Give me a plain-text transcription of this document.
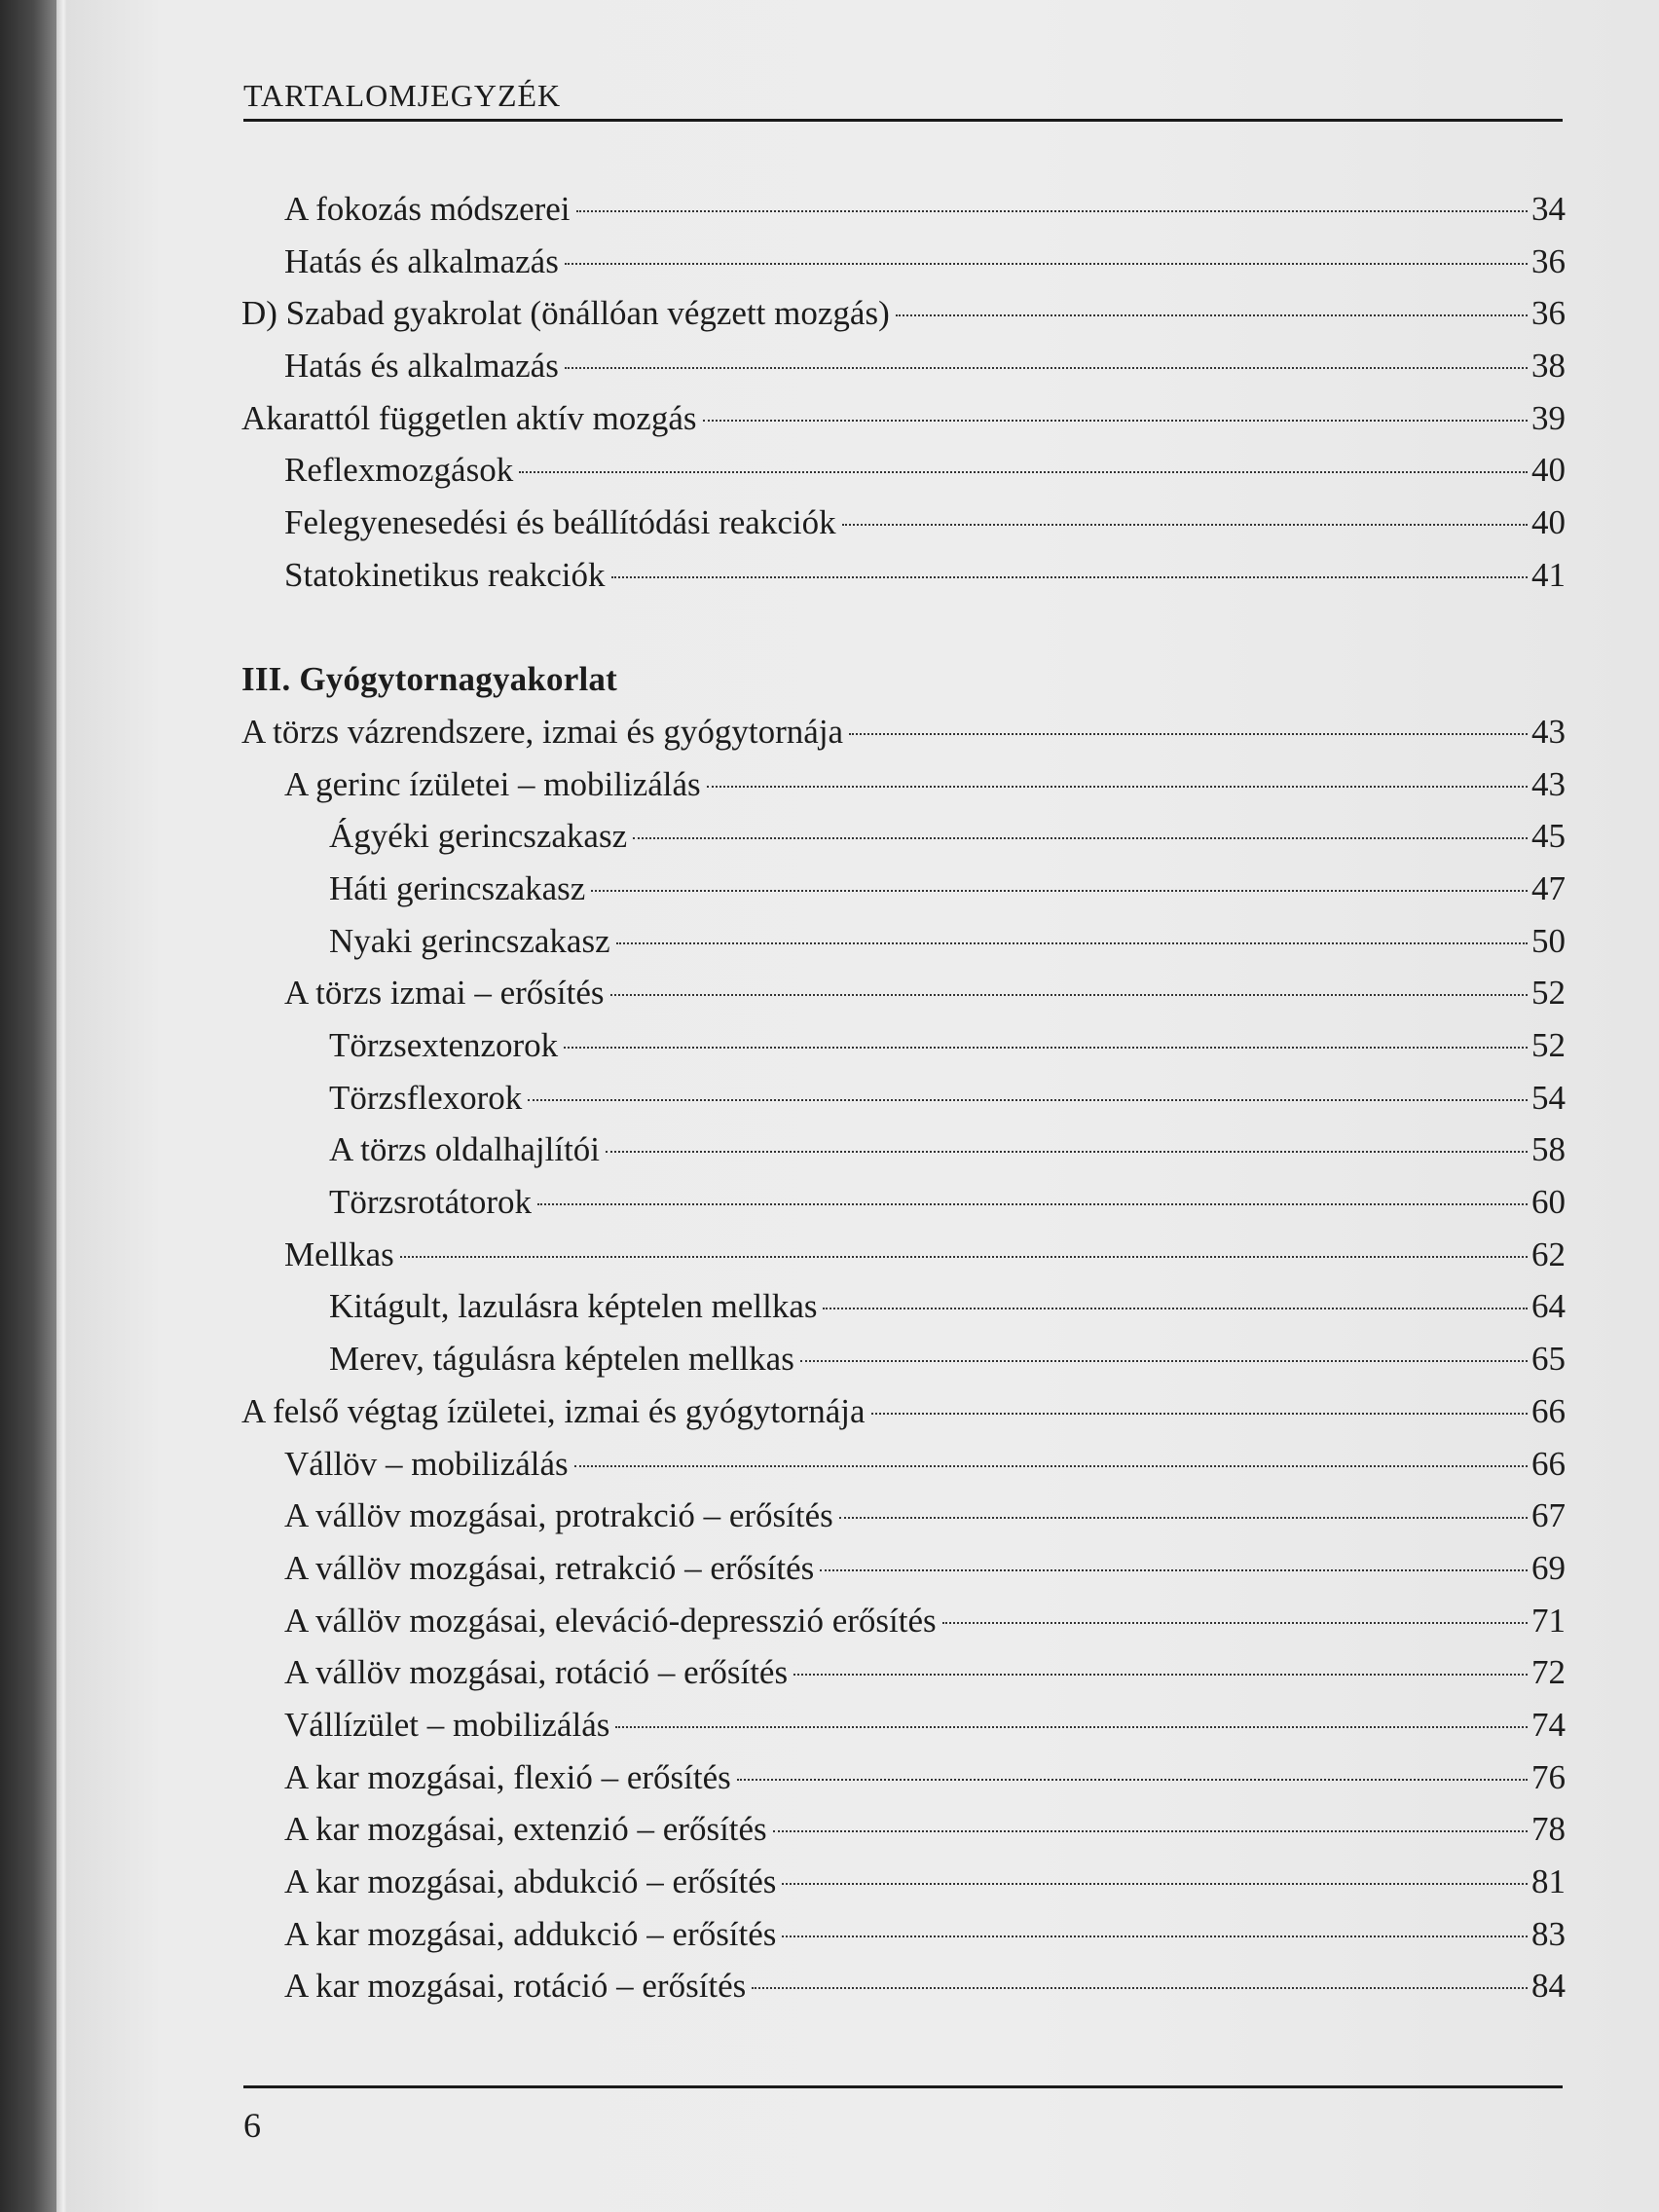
TARTALOMJEGYZÉK
A fokozás módszerei	34
Hatás és alkalmazás	36
D) Szabad gyakrolat (önállóan végzett mozgás)	36
Hatás és alkalmazás	38
Akarattól független aktív mozgás	39
Reflexmozgások	40
Felegyenesedési és beállítódási reakciók	40
Statokinetikus reakciók	41
III. Gyógytornagyakorlat
A törzs vázrendszere, izmai és gyógytornája	43
A gerinc ízületei – mobilizálás	43
Ágyéki gerincszakasz	45
Háti gerincszakasz	47
Nyaki gerincszakasz	50
A törzs izmai – erősítés	52
Törzsextenzorok	52
Törzsflexorok	54
A törzs oldalhajlítói	58
Törzsrotátorok	60
Mellkas	62
Kitágult, lazulásra képtelen mellkas	64
Merev, tágulásra képtelen mellkas	65
A felső végtag ízületei, izmai és gyógytornája	66
Vállöv – mobilizálás	66
A vállöv mozgásai, protrakció – erősítés	67
A vállöv mozgásai, retrakció – erősítés	69
A vállöv mozgásai, eleváció-depresszió erősítés	71
A vállöv mozgásai, rotáció – erősítés	72
Vállízület – mobilizálás	74
A kar mozgásai, flexió – erősítés	76
A kar mozgásai, extenzió – erősítés	78
A kar mozgásai, abdukció – erősítés	81
A kar mozgásai, addukció – erősítés	83
A kar mozgásai, rotáció – erősítés	84
6
